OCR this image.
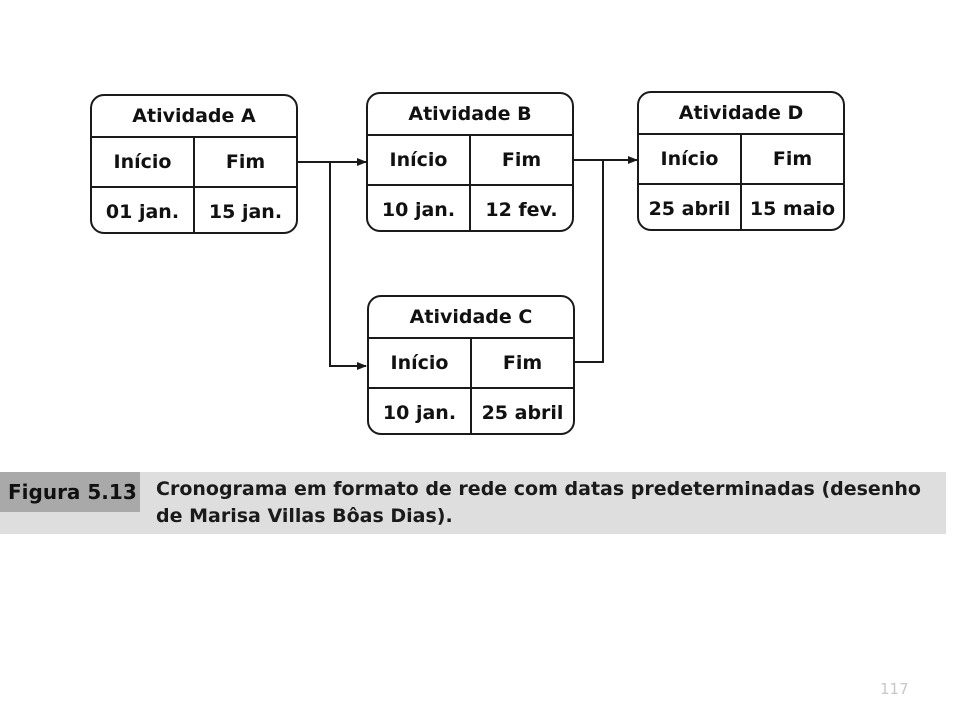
Atividade A
Início	Fim
01 jan.	15 jan.
Atividade B
Início	Fim
10 jan.	12 fev.
Atividade C
Início	Fim
10 jan.	25 abril
Atividade D
Início	Fim
25 abril	15 maio
Figura 5.13 Cronograma em formato de rede com datas predeterminadas (desenho de Marisa Villas Bôas Dias).
117
